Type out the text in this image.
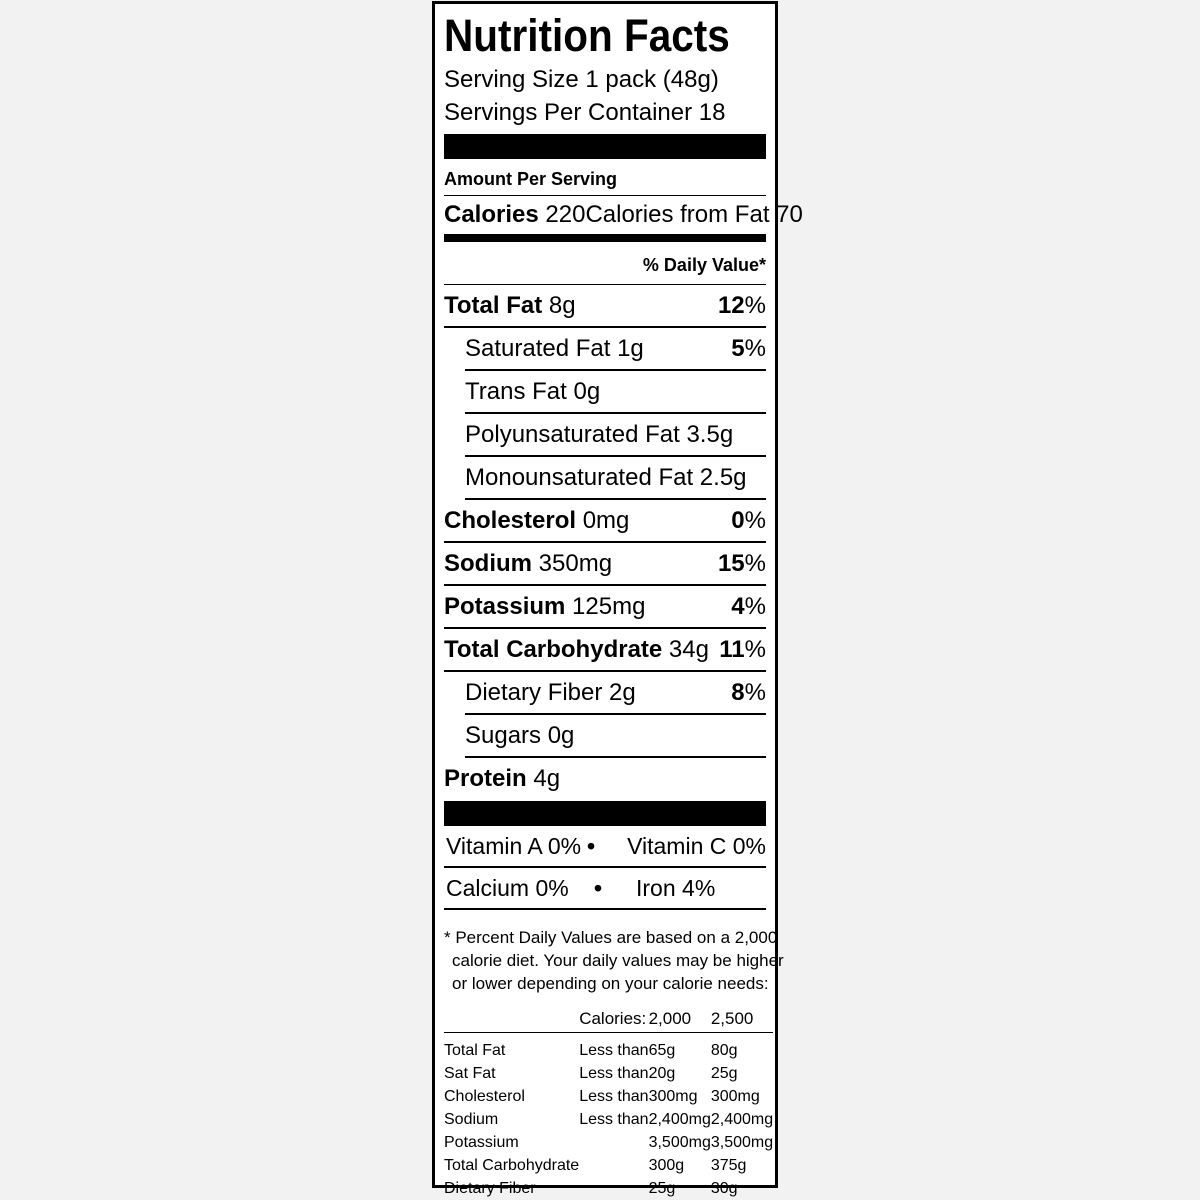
Nutrition Facts
Serving Size 1 pack (48g)
Servings Per Container 18
Amount Per Serving
Calories 220 Calories from Fat 70
% Daily Value*
Total Fat 8g	12%
Saturated Fat 1g	5%
Trans Fat 0g
Polyunsaturated Fat 3.5g
Monounsaturated Fat 2.5g
Cholesterol 0mg	0%
Sodium 350mg	15%
Potassium 125mg	4%
Total Carbohydrate 34g 11%
Dietary Fiber 2g	8%
Sugars 0g
Protein 4g
Vitamin A 0% •	Vitamin C 0%
Calcium 0%	•	Iron 4%
* Percent Daily Values are based on a 2,000
calorie diet. Your daily values may be higher
or lower depending on your calorie needs:
	Calories:	2,000	2,500
Total Fat	Less than	65g	80g
Sat Fat	Less than	20g	25g
Cholesterol	Less than	300mg	300mg
Sodium	Less than	2,400mg	2,400mg
Potassium		3,500mg	3,500mg
Total Carbohydrate		300g	375g
Dietary Fiber		25g	30g
